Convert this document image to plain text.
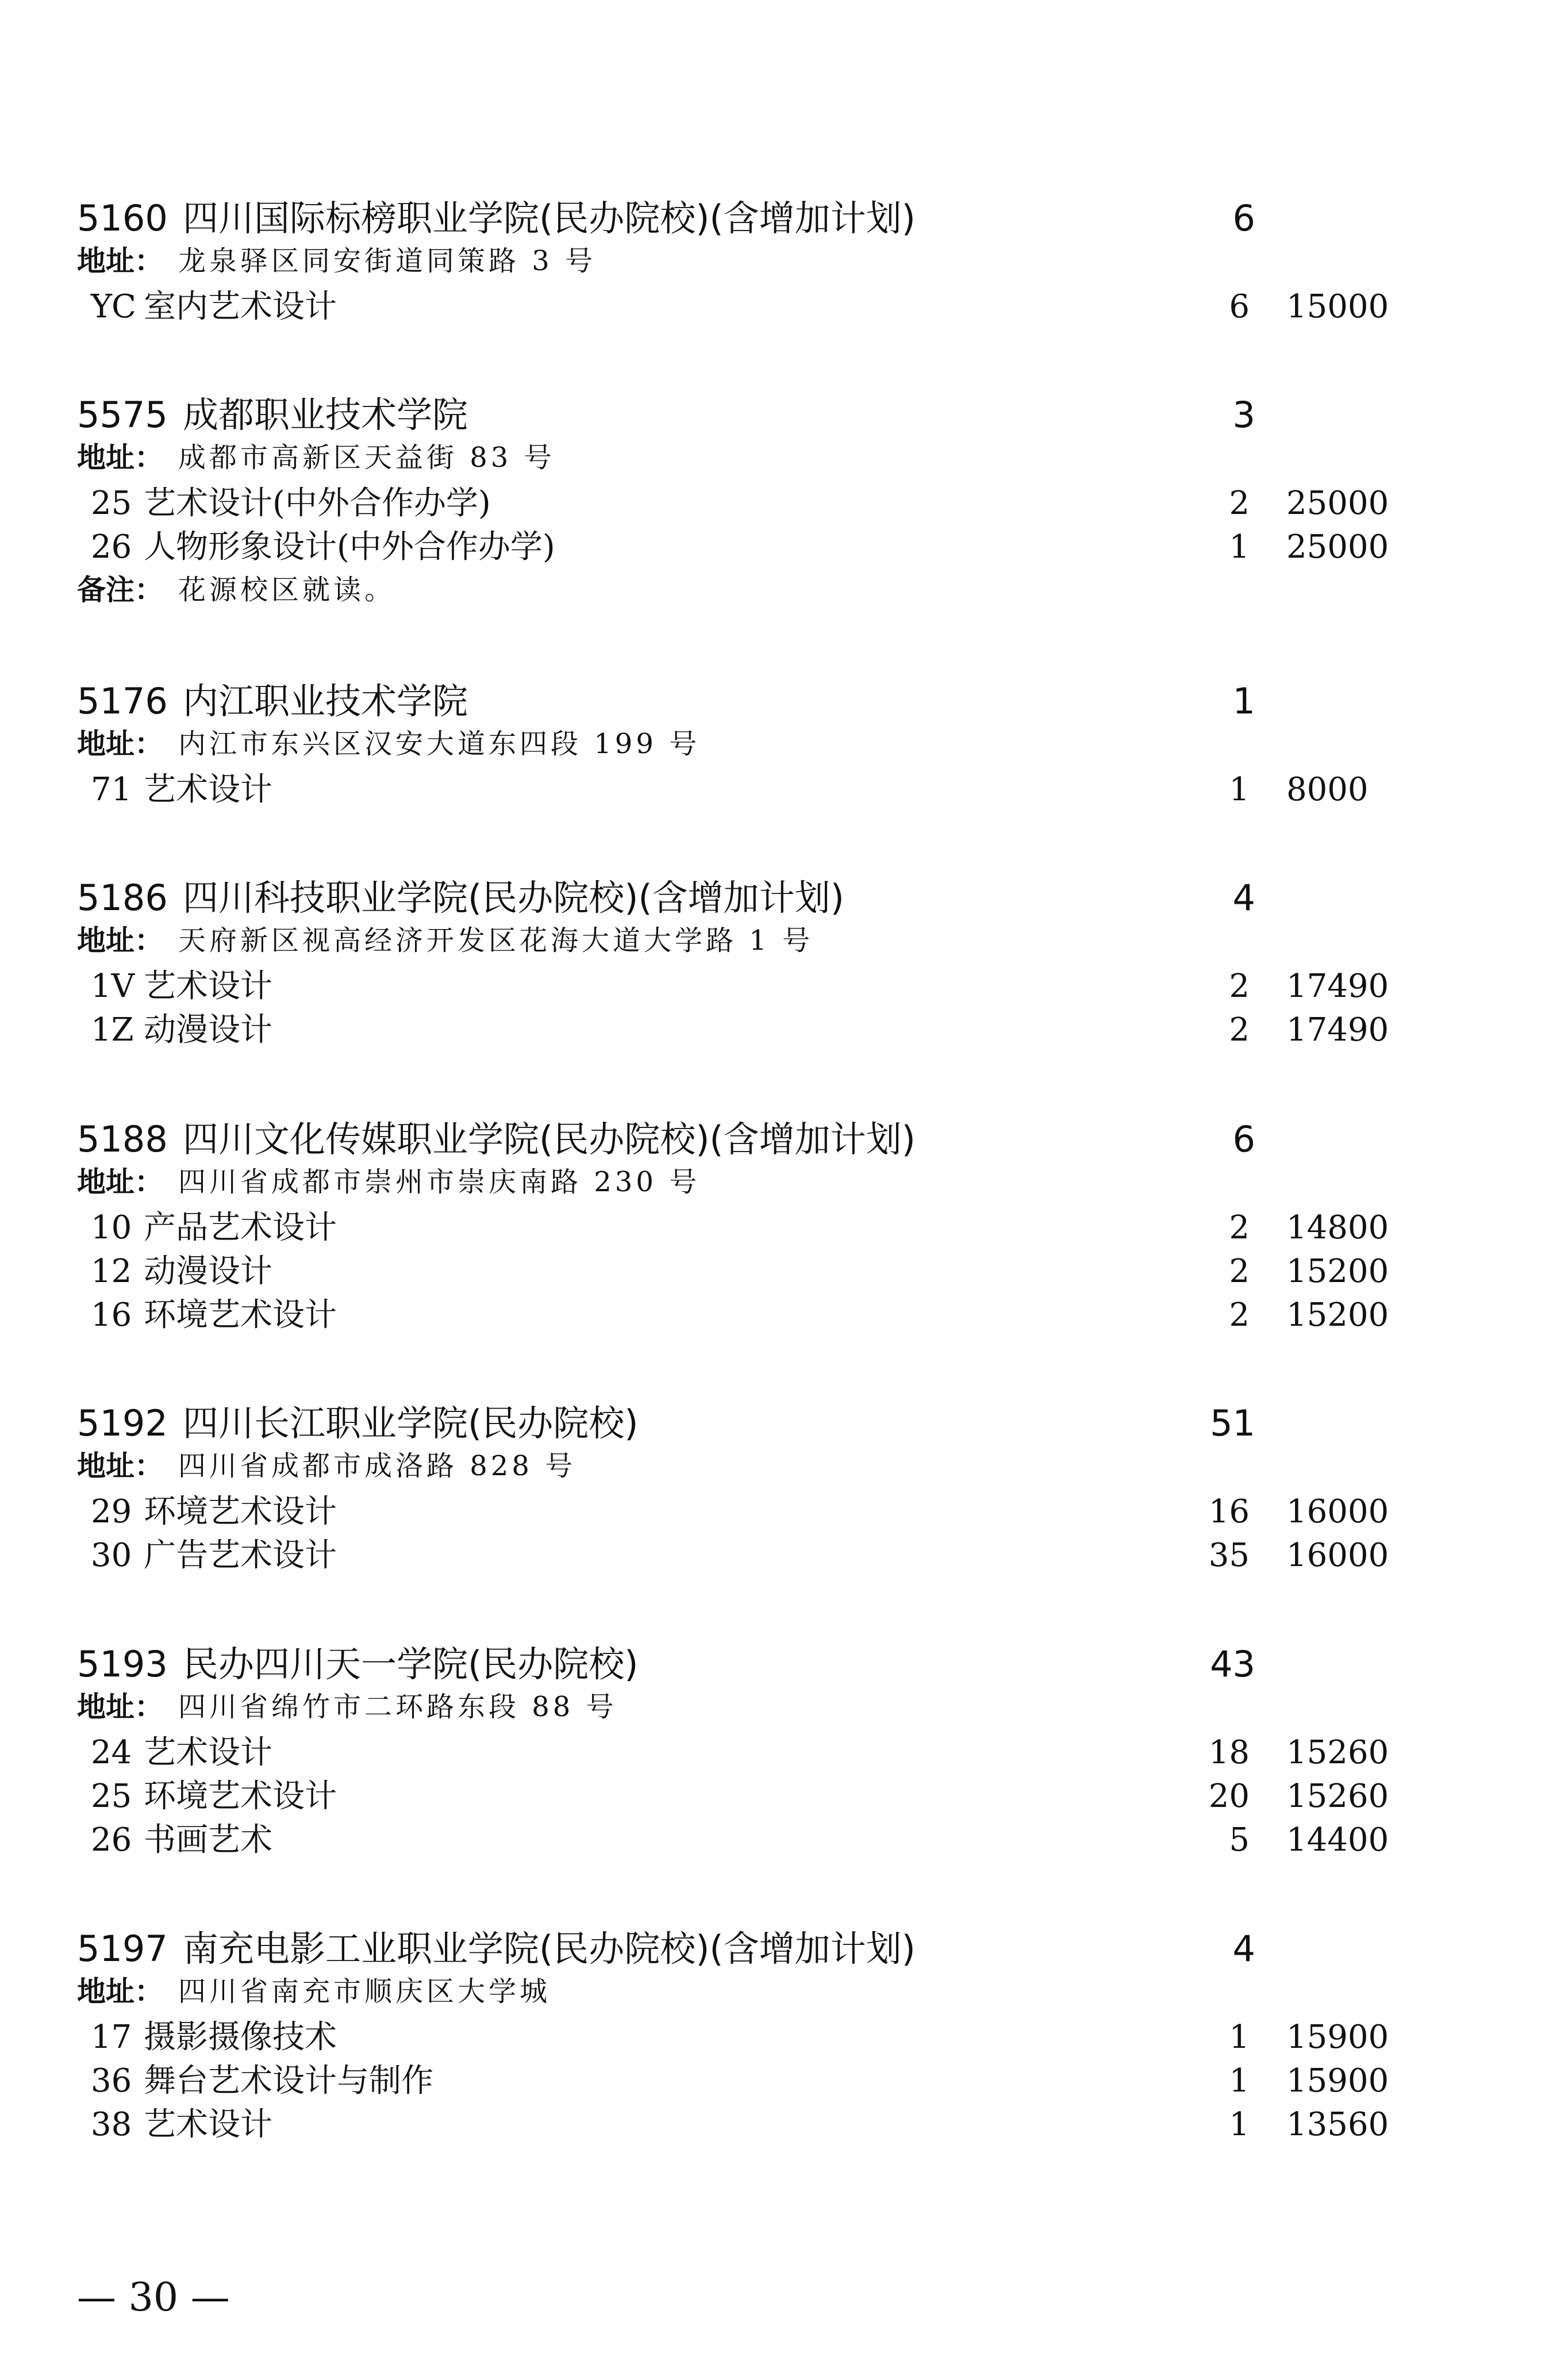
5160 四川国际标榜职业学院(民办院校)(含增加计划)	6
地址： 龙泉驿区同安街道同策路 3 号
YC 室内艺术设计	6 15000
5575 成都职业技术学院	3
地址： 成都市高新区天益街 83 号
25 艺术设计(中外合作办学)	2 25000
26 人物形象设计(中外合作办学)	1 25000
备注： 花源校区就读。
5176 内江职业技术学院	1
地址： 内江市东兴区汉安大道东四段 199 号
71 艺术设计	1 8000
5186 四川科技职业学院(民办院校)(含增加计划)	4
地址： 天府新区视高经济开发区花海大道大学路 1 号
1V 艺术设计	2 17490
1Z 动漫设计	2 17490
5188 四川文化传媒职业学院(民办院校)(含增加计划)	6
地址： 四川省成都市崇州市崇庆南路 230 号
10 产品艺术设计	2 14800
12 动漫设计	2 15200
16 环境艺术设计	2 15200
5192 四川长江职业学院(民办院校)	51
地址： 四川省成都市成洛路 828 号
29 环境艺术设计	16 16000
30 广告艺术设计	35 16000
5193 民办四川天一学院(民办院校)	43
地址： 四川省绵竹市二环路东段 88 号
24 艺术设计	18 15260
25 环境艺术设计	20 15260
26 书画艺术	5 14400
5197 南充电影工业职业学院(民办院校)(含增加计划)	4
地址： 四川省南充市顺庆区大学城
17 摄影摄像技术	1 15900
36 舞台艺术设计与制作	1 15900
38 艺术设计	1 13560
— 30 —
